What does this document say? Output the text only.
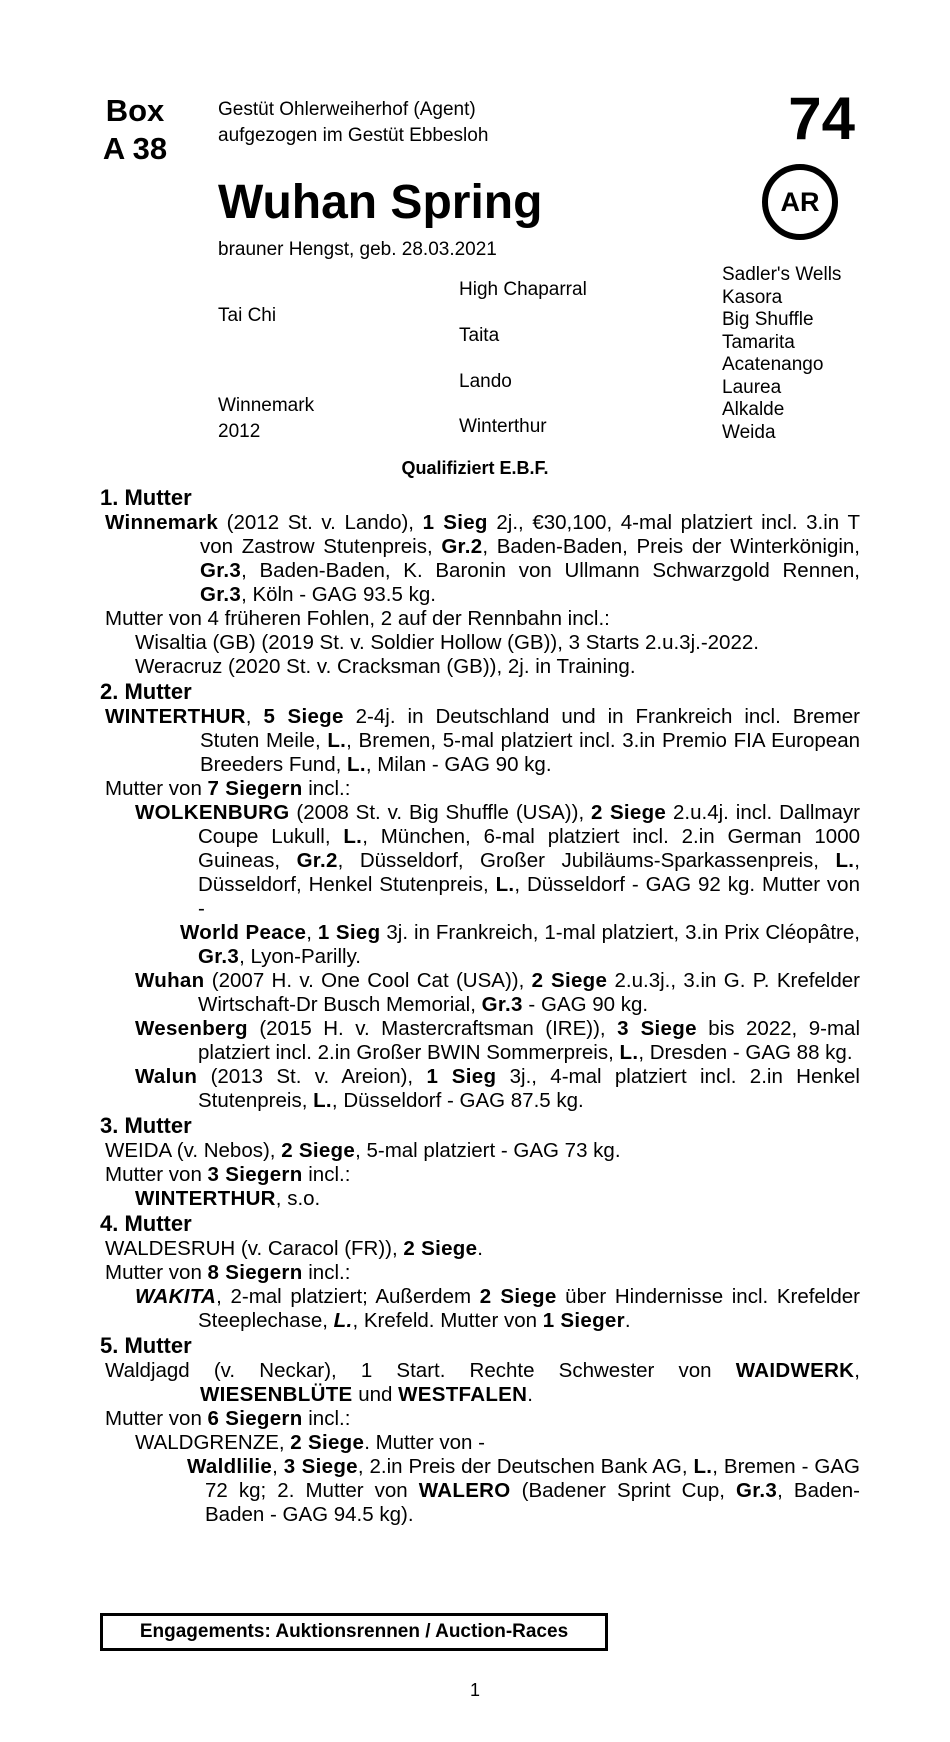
Box
A 38	74
AR
Gestüt Ohlerweiherhof (Agent)
aufgezogen im Gestüt Ebbesloh
Wuhan Spring
brauner Hengst, geb. 28.03.2021
Tai Chi
Winnemark
2012
High Chaparral
Taita
Lando
Winterthur
Sadler's Wells
Kasora
Big Shuffle
Tamarita
Acatenango
Laurea
Alkalde
Weida
Qualifiziert E.B.F.

1. Mutter

Winnemark (2012 St. v. Lando), 1 Sieg 2j., €30,100, 4-mal platziert incl. 3.in T von Zastrow Stutenpreis, Gr.2, Baden-Baden, Preis der Winterkönigin, Gr.3, Baden-Baden, K. Baronin von Ullmann Schwarzgold Rennen, Gr.3, Köln - GAG 93.5 kg.

Mutter von 4 früheren Fohlen, 2 auf der Rennbahn incl.:

Wisaltia (GB) (2019 St. v. Soldier Hollow (GB)), 3 Starts 2.u.3j.-2022.

Weracruz (2020 St. v. Cracksman (GB)), 2j. in Training.

2. Mutter

WINTERTHUR, 5 Siege 2-4j. in Deutschland und in Frankreich incl. Bremer Stuten Meile, L., Bremen, 5-mal platziert incl. 3.in Premio FIA European Breeders Fund, L., Milan - GAG 90 kg.

Mutter von 7 Siegern incl.:

WOLKENBURG (2008 St. v. Big Shuffle (USA)), 2 Siege 2.u.4j. incl. Dallmayr Coupe Lukull, L., München, 6-mal platziert incl. 2.in German 1000 Guineas, Gr.2, Düsseldorf, Großer Jubiläums-Sparkassenpreis, L., Düsseldorf, Henkel Stutenpreis, L., Düsseldorf - GAG 92 kg. Mutter von -

World Peace, 1 Sieg 3j. in Frankreich, 1-mal platziert, 3.in Prix Cléopâtre, Gr.3, Lyon-Parilly.

Wuhan (2007 H. v. One Cool Cat (USA)), 2 Siege 2.u.3j., 3.in G. P. Krefelder Wirtschaft-Dr Busch Memorial, Gr.3 - GAG 90 kg.

Wesenberg (2015 H. v. Mastercraftsman (IRE)), 3 Siege bis 2022, 9-mal platziert incl. 2.in Großer BWIN Sommerpreis, L., Dresden - GAG 88 kg.

Walun (2013 St. v. Areion), 1 Sieg 3j., 4-mal platziert incl. 2.in Henkel Stutenpreis, L., Düsseldorf - GAG 87.5 kg.

3. Mutter

WEIDA (v. Nebos), 2 Siege, 5-mal platziert - GAG 73 kg.

Mutter von 3 Siegern incl.:

WINTERTHUR, s.o.

4. Mutter

WALDESRUH (v. Caracol (FR)), 2 Siege.

Mutter von 8 Siegern incl.:

WAKITA, 2-mal platziert; Außerdem 2 Siege über Hindernisse incl. Krefelder Steeplechase, L., Krefeld. Mutter von 1 Sieger.

5. Mutter

Waldjagd (v. Neckar), 1 Start. Rechte Schwester von WAIDWERK, WIESENBLÜTE und WESTFALEN.

Mutter von 6 Siegern incl.:

WALDGRENZE, 2 Siege. Mutter von -

Waldlilie, 3 Siege, 2.in Preis der Deutschen Bank AG, L., Bremen - GAG 72 kg; 2. Mutter von WALERO (Badener Sprint Cup, Gr.3, Baden-Baden - GAG 94.5 kg).

Engagements: Auktionsrennen / Auction-Races
1
